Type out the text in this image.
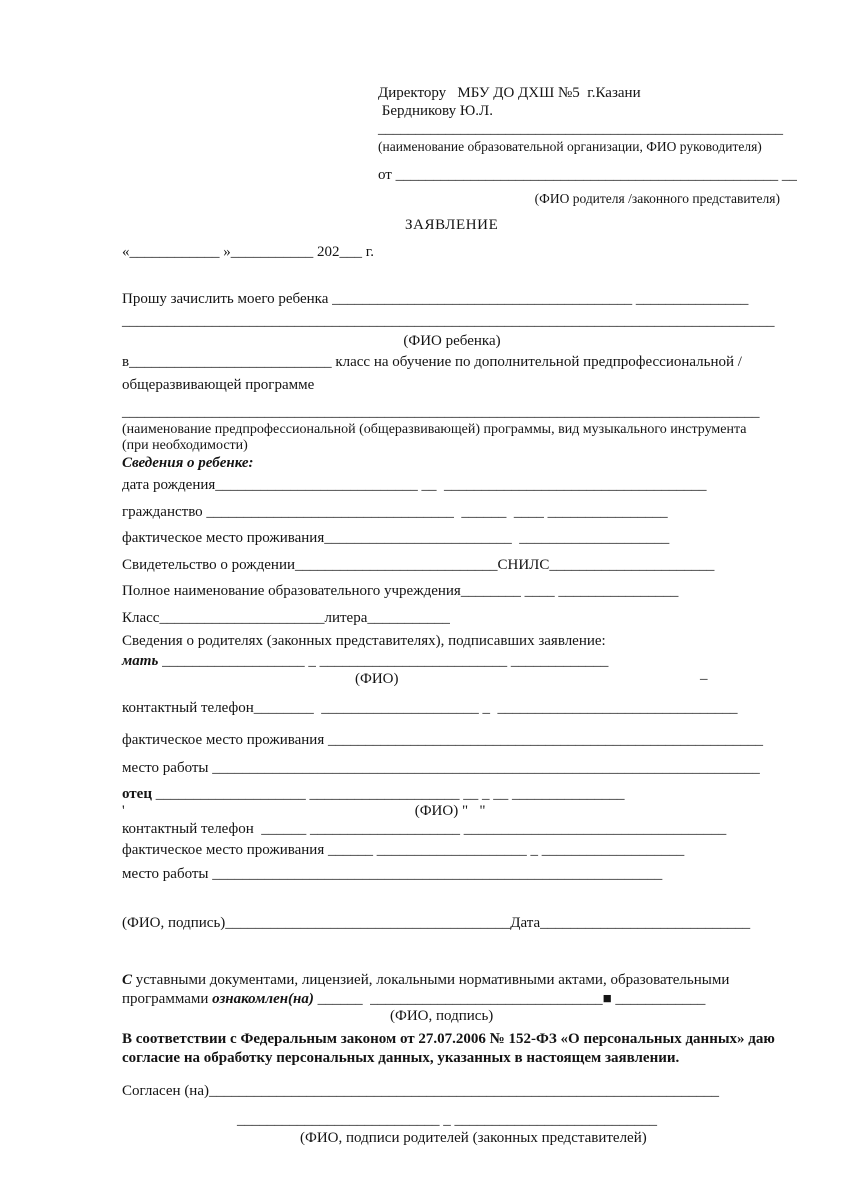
Директору   МБУ ДО ДХШ №5  г.Казани
Бердникову Ю.Л.
______________________________________________________
(наименование образовательной организации, ФИО руководителя)
от ___________________________________________________ __
(ФИО родителя /законного представителя)
ЗАЯВЛЕНИЕ
«____________ »___________ 202___ г.
Прошу зачислить моего ребенка ________________________________________ _______________
_______________________________________________________________________________________
(ФИО ребенка)
в___________________________ класс на обучение по дополнительной предпрофессиональной / общеразвивающей программе
_____________________________________________________________________________________
(наименование предпрофессиональной (общеразвивающей) программы, вид музыкального инструмента
(при необходимости)
Сведения о ребенке:
дата рождения___________________________ __  ___________________________________
гражданство _________________________________  ______  ____ ________________
фактическое место проживания_________________________  ____________________
Свидетельство о рождении___________________________СНИЛС______________________
Полное наименование образовательного учреждения________ ____ ________________
Класс______________________литера___________
Сведения о родителях (законных представителях), подписавших заявление:
мать ___________________ _ _________________________ _____________
(ФИО)	–
контактный телефон________  _____________________ _  ________________________________
фактическое место проживания __________________________________________________________
место работы _________________________________________________________________________
отец ____________________ ____________________ __ _ __ _______________
'	(ФИО) "   "
контактный телефон  ______ ____________________ ___________________________________
фактическое место проживания ______ ____________________ _ ___________________
место работы ____________________________________________________________
(ФИО, подпись)______________________________________Дата____________________________
С уставными документами, лицензией, локальными нормативными актами, образовательными программами ознакомлен(на) ______  _______________________________■ ____________
(ФИО, подпись)
В соответствии с Федеральным законом от 27.07.2006 № 152-ФЗ «О персональных данных» даю согласие на обработку персональных данных, указанных в настоящем заявлении.
Согласен (на)____________________________________________________________________
___________________________ _ ___________________________
(ФИО, подписи родителей (законных представителей)
